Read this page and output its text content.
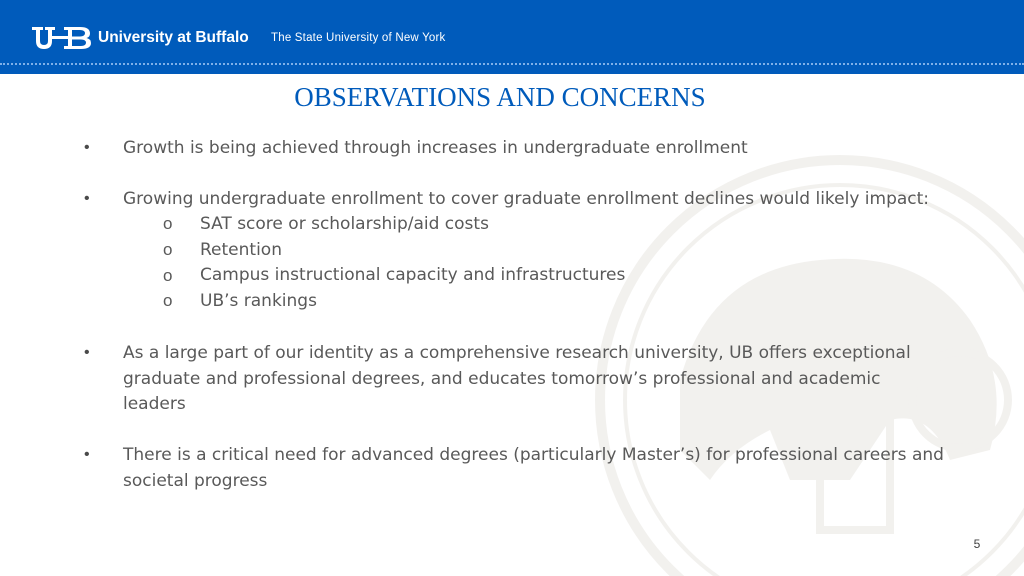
University at Buffalo The State University of New York
OBSERVATIONS AND CONCERNS
• Growth is being achieved through increases in undergraduate enrollment
• Growing undergraduate enrollment to cover graduate enrollment declines would likely impact:
o SAT score or scholarship/aid costs
o Retention
o Campus instructional capacity and infrastructures
o UB’s rankings
• As a large part of our identity as a comprehensive research university, UB offers exceptional graduate and professional degrees, and educates tomorrow’s professional and academic leaders
• There is a critical need for advanced degrees (particularly Master’s) for professional careers and societal progress
5
